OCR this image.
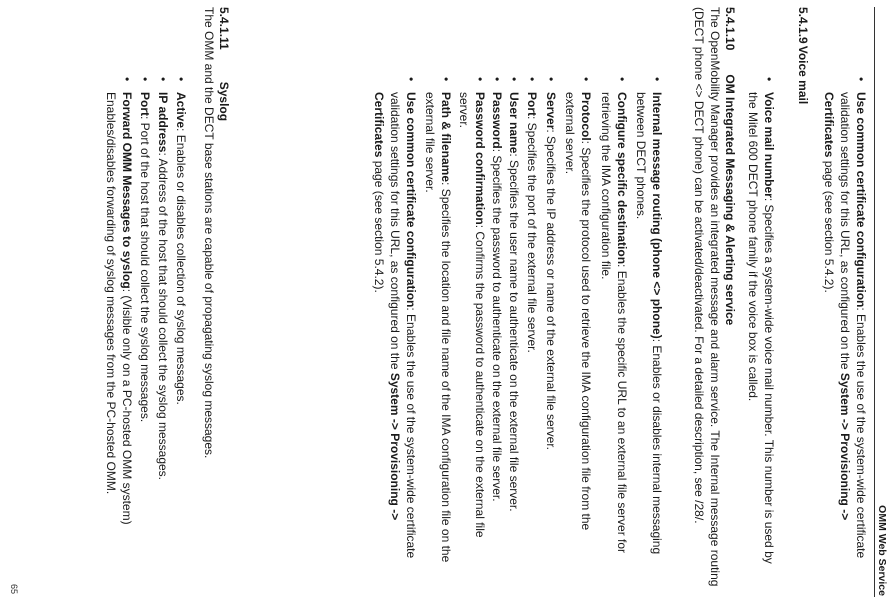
OMM Web Service

• Use common certificate configuration: Enables the use of the system-wide certificate validation settings for this URL, as configured on the System -> Provisioning -> Certificates page (see section 5.4.2).

5.4.1.9Voice mail

• Voice mail number: Specifies a system-wide voice mail number. This number is used by the Mitel 600 DECT phone family if the voice box is called.

5.4.1.10OM Integrated Messaging & Alerting service

The OpenMobility Manager provides an integrated message and alarm service. The Internal message routing (DECT phone <> DECT phone) can be activated/deactivated. For a detailed description, see /28/.

• Internal message routing (phone <> phone): Enables or disables internal messaging between DECT phones.

• Configure specific destination: Enables the specific URL to an external file server for retrieving the IMA configuration file.

• Protocol: Specifies the protocol used to retrieve the IMA configuration file from the external server.

• Server: Specifies the IP address or name of the external file server.

• Port: Specifies the port of the external file server.

• User name: Specifies the user name to authenticate on the external file server.

• Password: Specifies the password to authenticate on the external file server.

• Password confirmation: Confirms the password to authenticate on the external file server.

• Path & filename: Specifies the location and file name of the IMA configuration file on the external file server.

• Use common certificate configuration: Enables the use of the system-wide certificate validation settings for this URL, as configured on the System -> Provisioning -> Certificates page (see section 5.4.2).

5.4.1.11Syslog

The OMM and the DECT base stations are capable of propagating syslog messages.

• Active: Enables or disables collection of syslog messages.

• IP address: Address of the host that should collect the syslog messages.

• Port: Port of the host that should collect the syslog messages.

• Forward OMM Messages to syslog: (Visible only on a PC-hosted OMM system) Enables/disables forwarding of syslog messages from the PC-hosted OMM.

65
